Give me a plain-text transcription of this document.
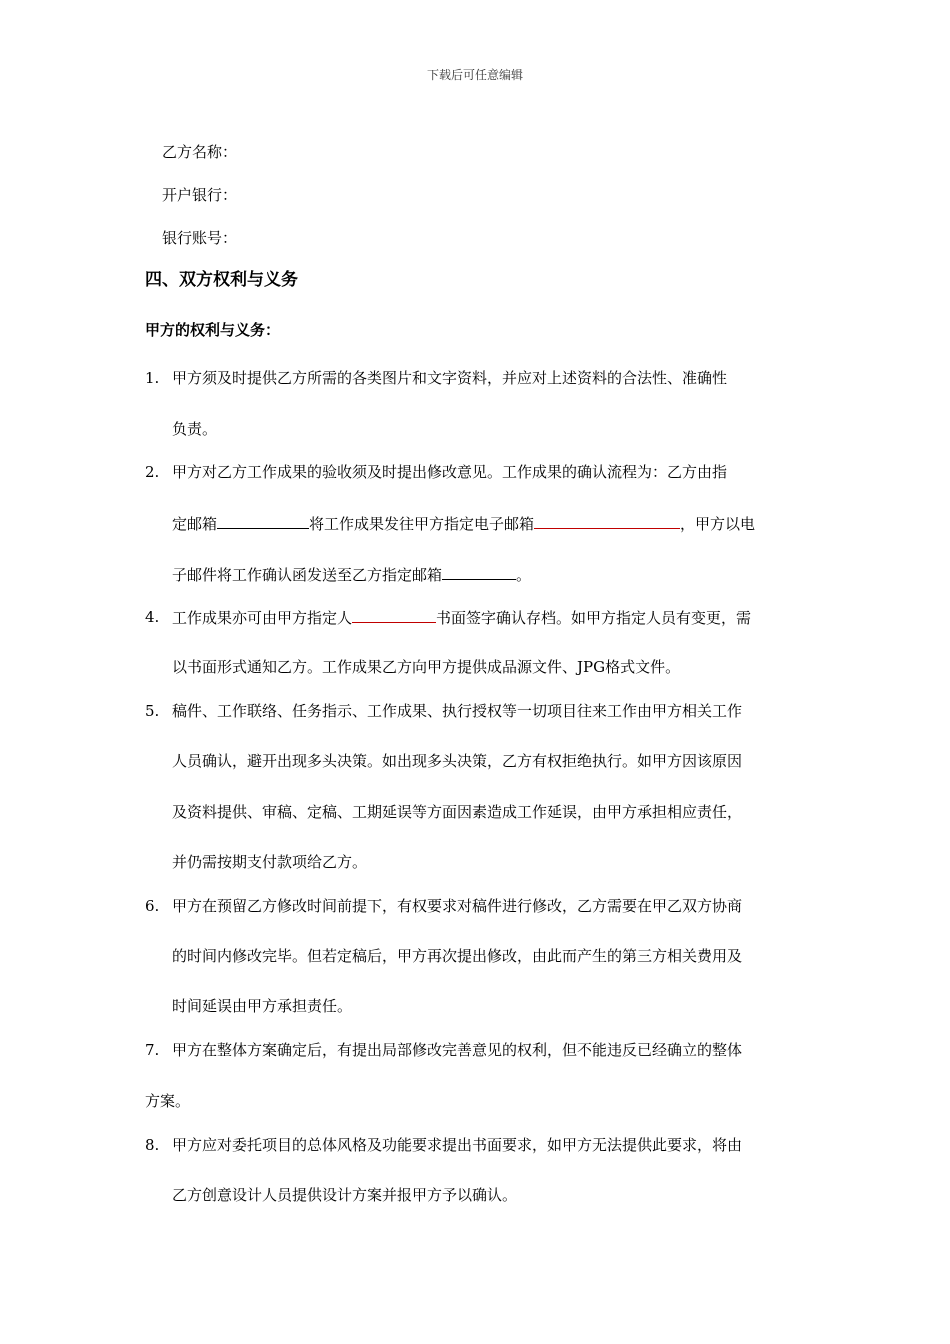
下载后可任意编辑
乙方名称：
开户银行：
银行账号：
四、双方权利与义务
甲方的权利与义务：
1. 甲方须及时提供乙方所需的各类图片和文字资料，并应对上述资料的合法性、准确性
负责。
2. 甲方对乙方工作成果的验收须及时提出修改意见。工作成果的确认流程为：乙方由指
定邮箱	将工作成果发往甲方指定电子邮箱	，甲方以电
子邮件将工作确认函发送至乙方指定邮箱	。
4. 工作成果亦可由甲方指定人	书面签字确认存档。如甲方指定人员有变更，需
以书面形式通知乙方。工作成果乙方向甲方提供成品源文件、JPG格式文件。
5. 稿件、工作联络、任务指示、工作成果、执行授权等一切项目往来工作由甲方相关工作
人员确认，避开出现多头决策。如出现多头决策，乙方有权拒绝执行。如甲方因该原因
及资料提供、审稿、定稿、工期延误等方面因素造成工作延误，由甲方承担相应责任，
并仍需按期支付款项给乙方。
6. 甲方在预留乙方修改时间前提下，有权要求对稿件进行修改，乙方需要在甲乙双方协商
的时间内修改完毕。但若定稿后，甲方再次提出修改，由此而产生的第三方相关费用及
时间延误由甲方承担责任。
7. 甲方在整体方案确定后，有提出局部修改完善意见的权利，但不能违反已经确立的整体
方案。
8. 甲方应对委托项目的总体风格及功能要求提出书面要求，如甲方无法提供此要求，将由
乙方创意设计人员提供设计方案并报甲方予以确认。
